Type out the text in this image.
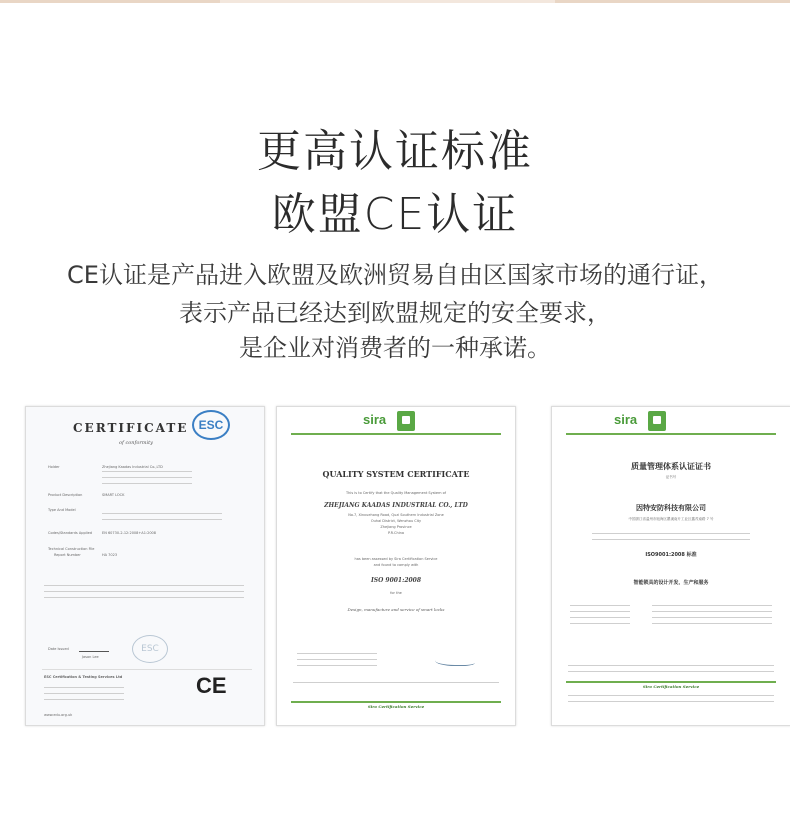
更高认证标准
欧盟CE认证
CE认证是产品进入欧盟及欧洲贸易自由区国家市场的通行证，
表示产品已经达到欧盟规定的安全要求，
是企业对消费者的一种承诺。
CERTIFICATE ESC
of conformity
Holder	Zhejiang Kaadas Industrial Co.,LTD
Product Description	SMART LOCK
Type And Model
Codes/Standards Applied	EN 60730-2-12:2008+A1:2008
Technical Construction File
Report Number	HA 7023
Date Issued
Jason Lee
ESC
ESC Certification & Testing Services Ltd
www.edu.org.uk
CE
sira
QUALITY SYSTEM CERTIFICATE
This is to Certify that the Quality Management System of
ZHEJIANG KAADAS INDUSTRIAL CO., LTD
No.7, Xinxuehong Road, Quzi Southern Industrial Zone
Ouhai District, Wenzhou City
Zhejiang Province
P.R.China
has been assessed by Sira Certification Service
and found to comply with
ISO 9001:2008
for the
Design, manufacture and service of smart locks
Sira Certification Service
sira
质量管理体系认证证书
证书号
因特安防科技有限公司
中国浙江省温州市瓯海区瞿溪南片工业区鑫茂南路 7 号
ISO9001:2008 标准
智能锁具的设计开发、生产和服务
Sira Certification Service
